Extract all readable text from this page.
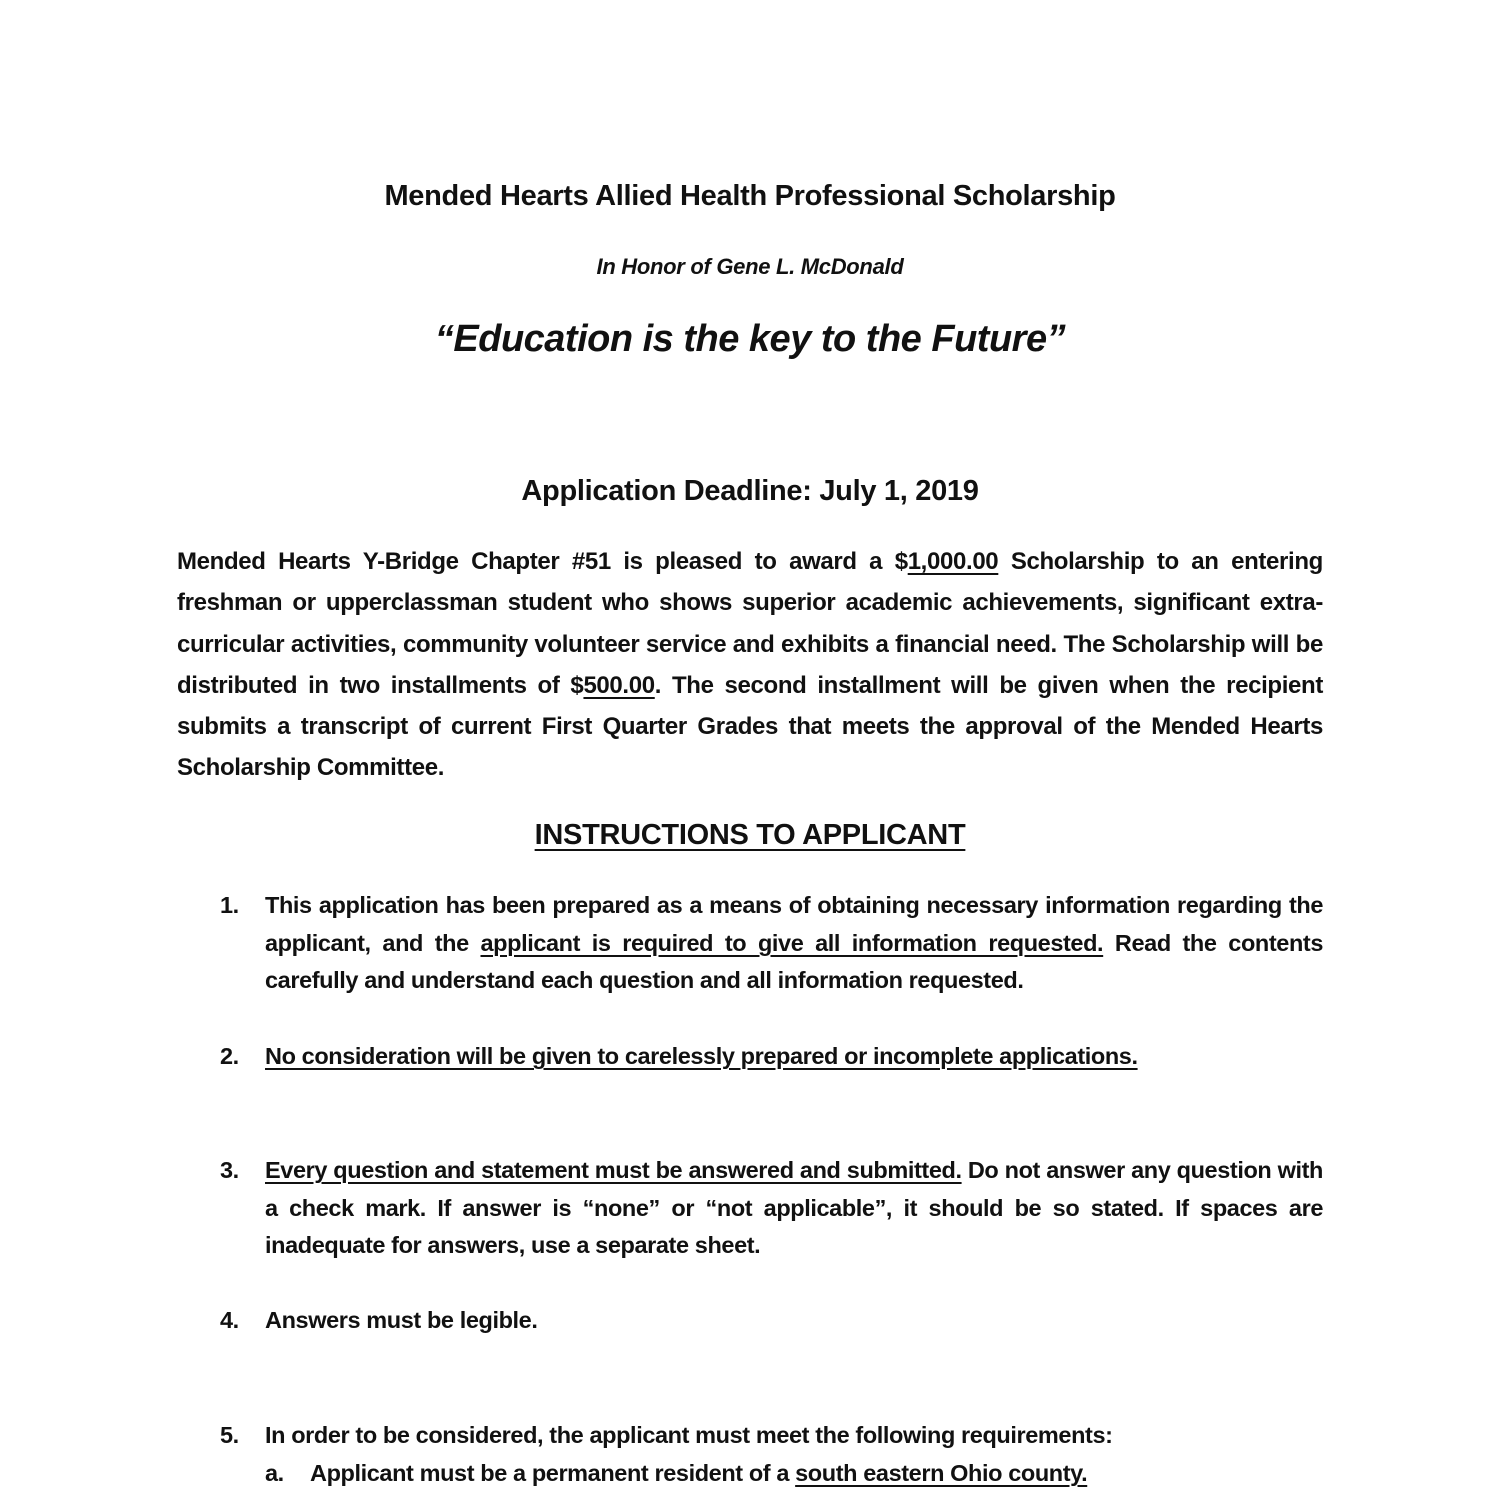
Mended Hearts Allied Health Professional Scholarship
In Honor of Gene L. McDonald
“Education is the key to the Future”
Application Deadline: July 1, 2019
Mended Hearts Y-Bridge Chapter #51 is pleased to award a $1,000.00 Scholarship to an entering freshman or upperclassman student who shows superior academic achievements, significant extra-curricular activities, community volunteer service and exhibits a financial need. The Scholarship will be distributed in two installments of $500.00. The second installment will be given when the recipient submits a transcript of current First Quarter Grades that meets the approval of the Mended Hearts Scholarship Committee.
INSTRUCTIONS TO APPLICANT
1.	This application has been prepared as a means of obtaining necessary information regarding the applicant, and the applicant is required to give all information requested. Read the contents carefully and understand each question and all information requested.
2.	No consideration will be given to carelessly prepared or incomplete applications.
3.	Every question and statement must be answered and submitted. Do not answer any question with a check mark. If answer is “none” or “not applicable”, it should be so stated. If spaces are inadequate for answers, use a separate sheet.
4.	Answers must be legible.
5.	In order to be considered, the applicant must meet the following requirements:
a. Applicant must be a permanent resident of a south eastern Ohio county.
